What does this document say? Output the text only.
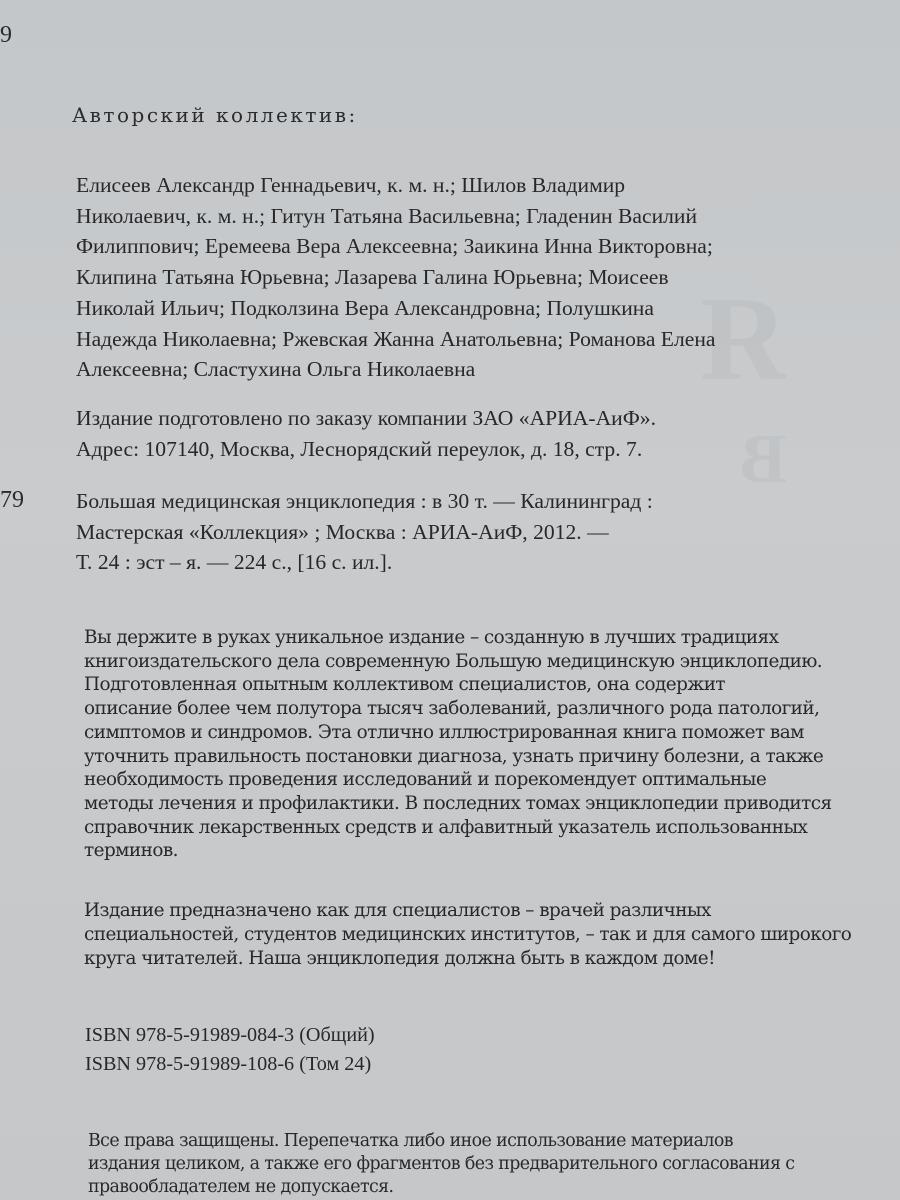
Я
В
9
Авторский коллектив:
Елисеев Александр Геннадьевич, к. м. н.; Шилов Владимир
Николаевич, к. м. н.; Гитун Татьяна Васильевна; Гладенин Василий
Филиппович; Еремеева Вера Алексеевна; Заикина Инна Викторовна;
Клипина Татьяна Юрьевна; Лазарева Галина Юрьевна; Моисеев
Николай Ильич; Подколзина Вера Александровна; Полушкина
Надежда Николаевна; Ржевская Жанна Анатольевна; Романова Елена
Алексеевна; Сластухина Ольга Николаевна
Издание подготовлено по заказу компании ЗАО «АРИА-АиФ».
Адрес: 107140, Москва, Леснорядский переулок, д. 18, стр. 7.
79 Большая медицинская энциклопедия : в 30 т. — Калининград :
Мастерская «Коллекция» ; Москва : АРИА-АиФ, 2012. —
Т. 24 : эст – я. — 224 с., [16 с. ил.].
Вы держите в руках уникальное издание – созданную в лучших традициях
книгоиздательского дела современную Большую медицинскую энциклопедию.
Подготовленная опытным коллективом специалистов, она содержит
описание более чем полутора тысяч заболеваний, различного рода патологий,
симптомов и синдромов. Эта отлично иллюстрированная книга поможет вам
уточнить правильность постановки диагноза, узнать причину болезни, а также
необходимость проведения исследований и порекомендует оптимальные
методы лечения и профилактики. В последних томах энциклопедии приводится
справочник лекарственных средств и алфавитный указатель использованных
терминов.
Издание предназначено как для специалистов – врачей различных
специальностей, студентов медицинских институтов, – так и для самого широкого
круга читателей. Наша энциклопедия должна быть в каждом доме!
ISBN 978-5-91989-084-3 (Общий)
ISBN 978-5-91989-108-6 (Том 24)
Все права защищены. Перепечатка либо иное использование материалов
издания целиком, а также его фрагментов без предварительного согласования с
правообладателем не допускается.
